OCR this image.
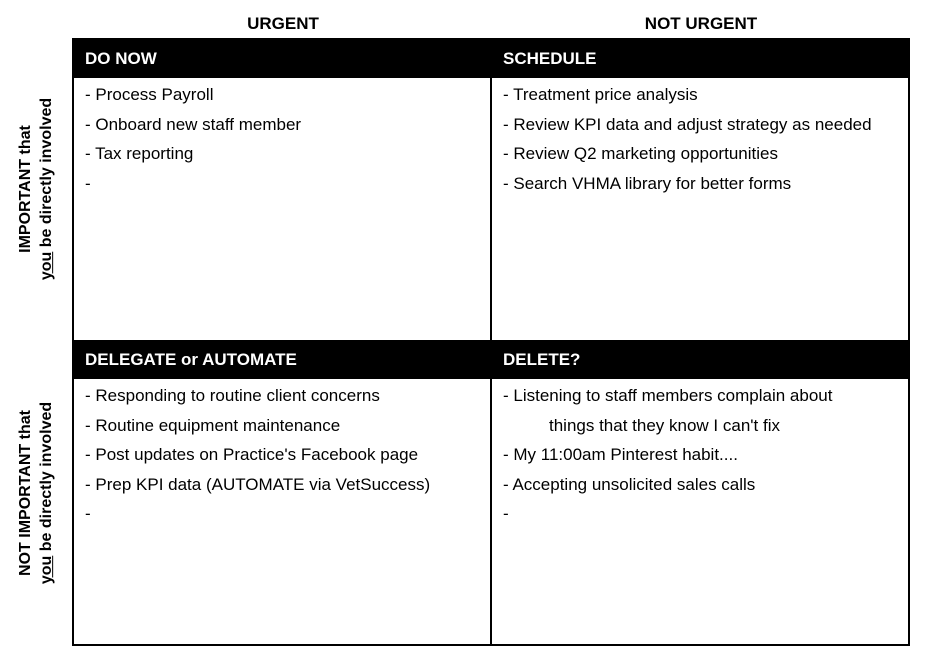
URGENT	NOT URGENT
IMPORTANT that
you be directly involved
NOT IMPORTANT that you be directly involved
DO NOW
- Process Payroll
- Onboard new staff member
- Tax reporting
-
SCHEDULE
- Treatment price analysis
- Review KPI data and adjust strategy as needed
- Review Q2 marketing opportunities
- Search VHMA library for better forms
DELEGATE or AUTOMATE
- Responding to routine client concerns
- Routine equipment maintenance
- Post updates on Practice's Facebook page
- Prep KPI data (AUTOMATE via VetSuccess)
-
DELETE?
- Listening to staff members complain about
things that they know I can't fix
- My 11:00am Pinterest habit....
- Accepting unsolicited sales calls
-
